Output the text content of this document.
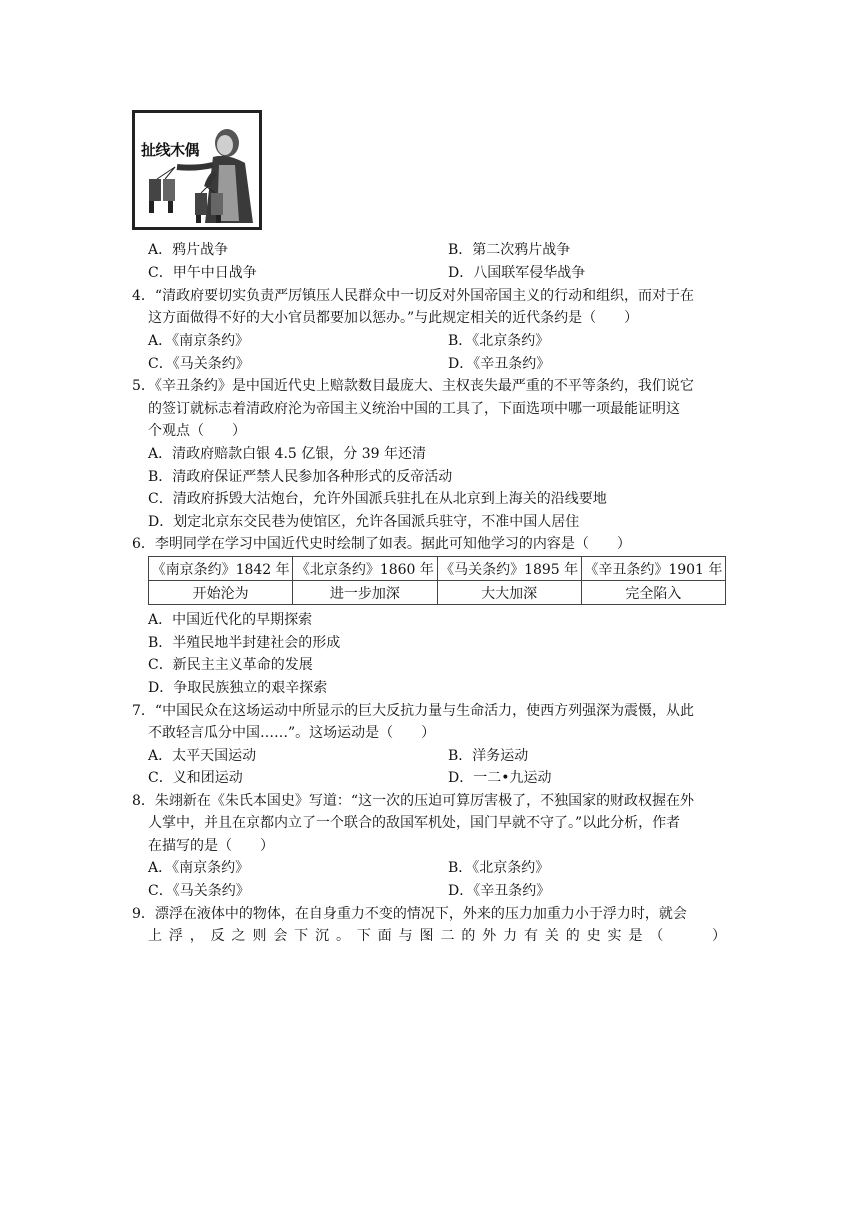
扯线木偶
A．鸦片战争	B．第二次鸦片战争
C．甲午中日战争	D．八国联军侵华战争
4．“清政府要切实负责严厉镇压人民群众中一切反对外国帝国主义的行动和组织，而对于在
这方面做得不好的大小官员都要加以惩办。”与此规定相关的近代条约是（　　）
A．《南京条约》	B．《北京条约》
C．《马关条约》	D．《辛丑条约》
5．《辛丑条约》是中国近代史上赔款数目最庞大、主权丧失最严重的不平等条约，我们说它
的签订就标志着清政府沦为帝国主义统治中国的工具了，下面选项中哪一项最能证明这
个观点（　　）
A．清政府赔款白银 4.5 亿银，分 39 年还清
B．清政府保证严禁人民参加各种形式的反帝活动
C．清政府拆毁大沽炮台，允许外国派兵驻扎在从北京到上海关的沿线要地
D．划定北京东交民巷为使馆区，允许各国派兵驻守，不准中国人居住
6．李明同学在学习中国近代史时绘制了如表。据此可知他学习的内容是（　　）
《南京条约》1842 年	《北京条约》1860 年	《马关条约》1895 年	《辛丑条约》1901 年
开始沦为	进一步加深	大大加深	完全陷入
A．中国近代化的早期探索
B．半殖民地半封建社会的形成
C．新民主主义革命的发展
D．争取民族独立的艰辛探索
7．“中国民众在这场运动中所显示的巨大反抗力量与生命活力，使西方列强深为震慑，从此
不敢轻言瓜分中国……”。这场运动是（　　）
A．太平天国运动	B．洋务运动
C．义和团运动	D．一二•九运动
8．朱翊新在《朱氏本国史》写道：“这一次的压迫可算厉害极了，不独国家的财政权握在外
人掌中，并且在京都内立了一个联合的敌国军机处，国门早就不守了。”以此分析，作者
在描写的是（　　）
A．《南京条约》	B．《北京条约》
C．《马关条约》	D．《辛丑条约》
9．漂浮在液体中的物体，在自身重力不变的情况下，外来的压力加重力小于浮力时，就会
上浮，反之则会下沉。下面与图二的外力有关的史实是（　　）
